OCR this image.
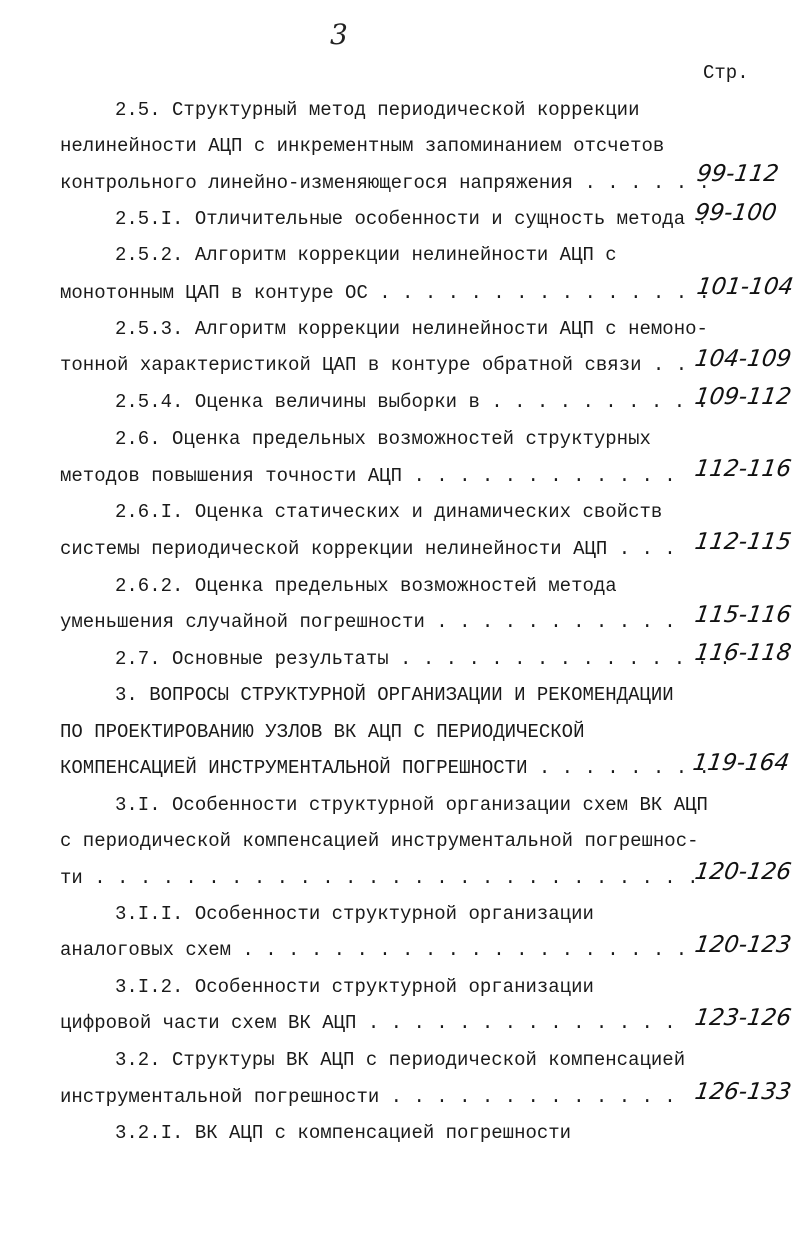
3
Стр.
2.5. Структурный метод периодической коррекции
нелинейности АЦП с инкрементным запоминанием отсчетов
контрольного линейно-изменяющегося напряжения . . . . . .
2.5.I. Отличительные особенности и сущность метода .
2.5.2. Алгоритм коррекции нелинейности АЦП с
монотонным ЦАП в контуре ОС . . . . . . . . . . . . . . .
2.5.3. Алгоритм коррекции нелинейности АЦП с немоно-
тонной характеристикой ЦАП в контуре обратной связи . .
2.5.4. Оценка величины выборки в . . . . . . . . . .
2.6. Оценка предельных возможностей структурных
методов повышения точности АЦП . . . . . . . . . . . .
2.6.I. Оценка статических и динамических свойств
системы периодической коррекции нелинейности АЦП . . .
2.6.2. Оценка предельных возможностей метода
уменьшения случайной погрешности . . . . . . . . . . .
2.7. Основные результаты . . . . . . . . . . . . . . .
3. ВОПРОСЫ СТРУКТУРНОЙ ОРГАНИЗАЦИИ И РЕКОМЕНДАЦИИ
ПО ПРОЕКТИРОВАНИЮ УЗЛОВ ВК АЦП С ПЕРИОДИЧЕСКОЙ
КОМПЕНСАЦИЕЙ ИНСТРУМЕНТАЛЬНОЙ ПОГРЕШНОСТИ . . . . . . . .
3.I. Особенности структурной организации схем ВК АЦП
с периодической компенсацией инструментальной погрешнос-
ти . . . . . . . . . . . . . . . . . . . . . . . . . . .
3.I.I. Особенности структурной организации
аналоговых схем . . . . . . . . . . . . . . . . . . . .
3.I.2. Особенности структурной организации
цифровой части схем ВК АЦП . . . . . . . . . . . . . .
3.2. Структуры ВК АЦП с периодической компенсацией
инструментальной погрешности . . . . . . . . . . . . .
3.2.I. ВК АЦП с компенсацией погрешности
99-112
99-100
101-104
104-109
109-112
112-116
112-115
115-116
116-118
119-164
120-126
120-123
123-126
126-133
